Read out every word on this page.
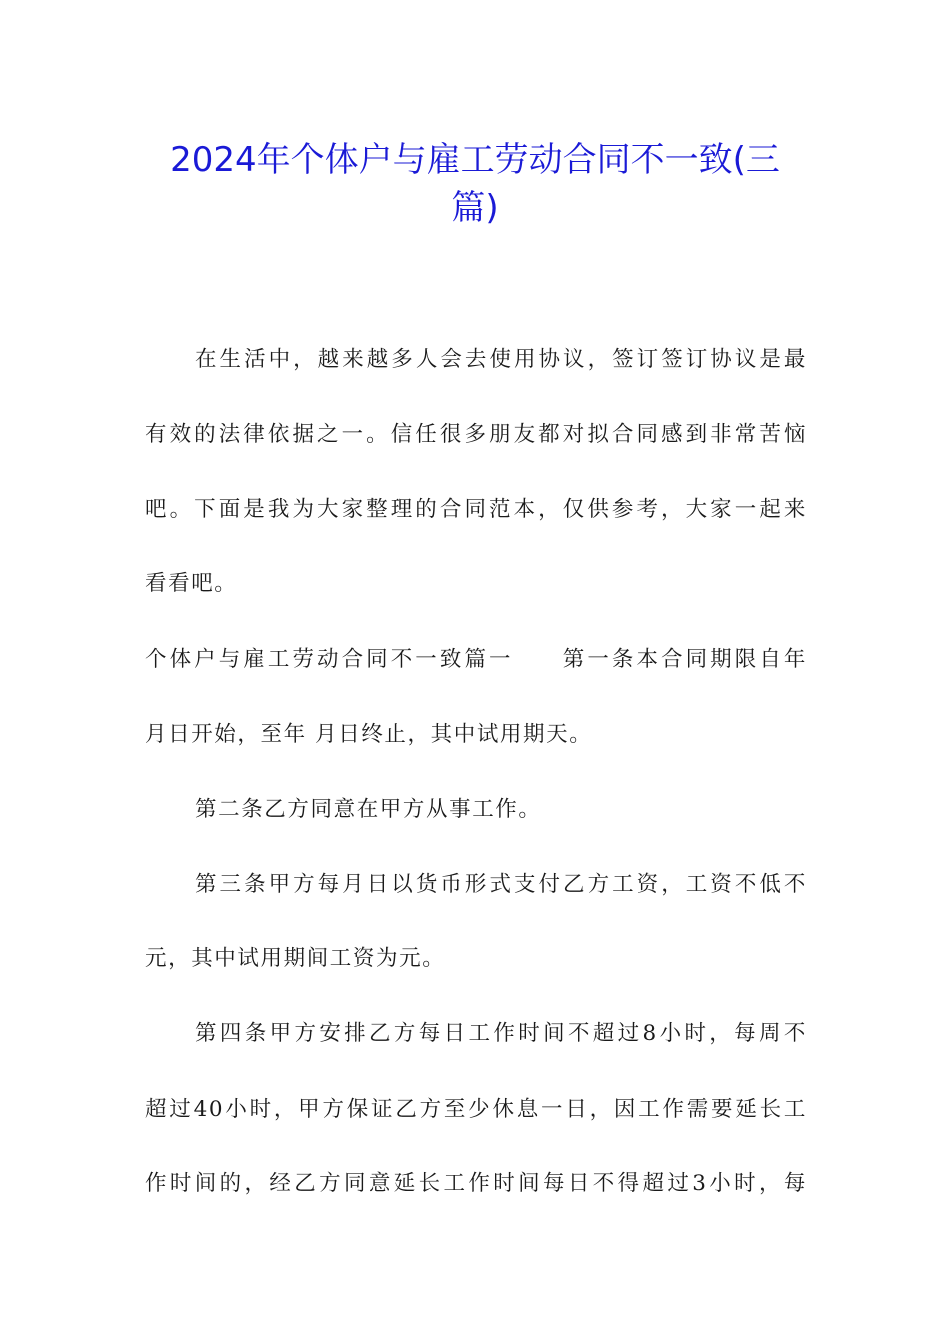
2024年个体户与雇工劳动合同不一致(三
篇)
在生活中，越来越多人会去使用协议，签订签订协议是最
有效的法律依据之一。信任很多朋友都对拟合同感到非常苦恼
吧。下面是我为大家整理的合同范本，仅供参考，大家一起来
看看吧。
个体户与雇工劳动合同不一致篇一　　第一条本合同期限自年
月日开始，至年 月日终止，其中试用期天。
第二条乙方同意在甲方从事工作。
第三条甲方每月日以货币形式支付乙方工资，工资不低不
元，其中试用期间工资为元。
第四条甲方安排乙方每日工作时间不超过8小时，每周不
超过40小时，甲方保证乙方至少休息一日，因工作需要延长工
作时间的，经乙方同意延长工作时间每日不得超过3小时，每
